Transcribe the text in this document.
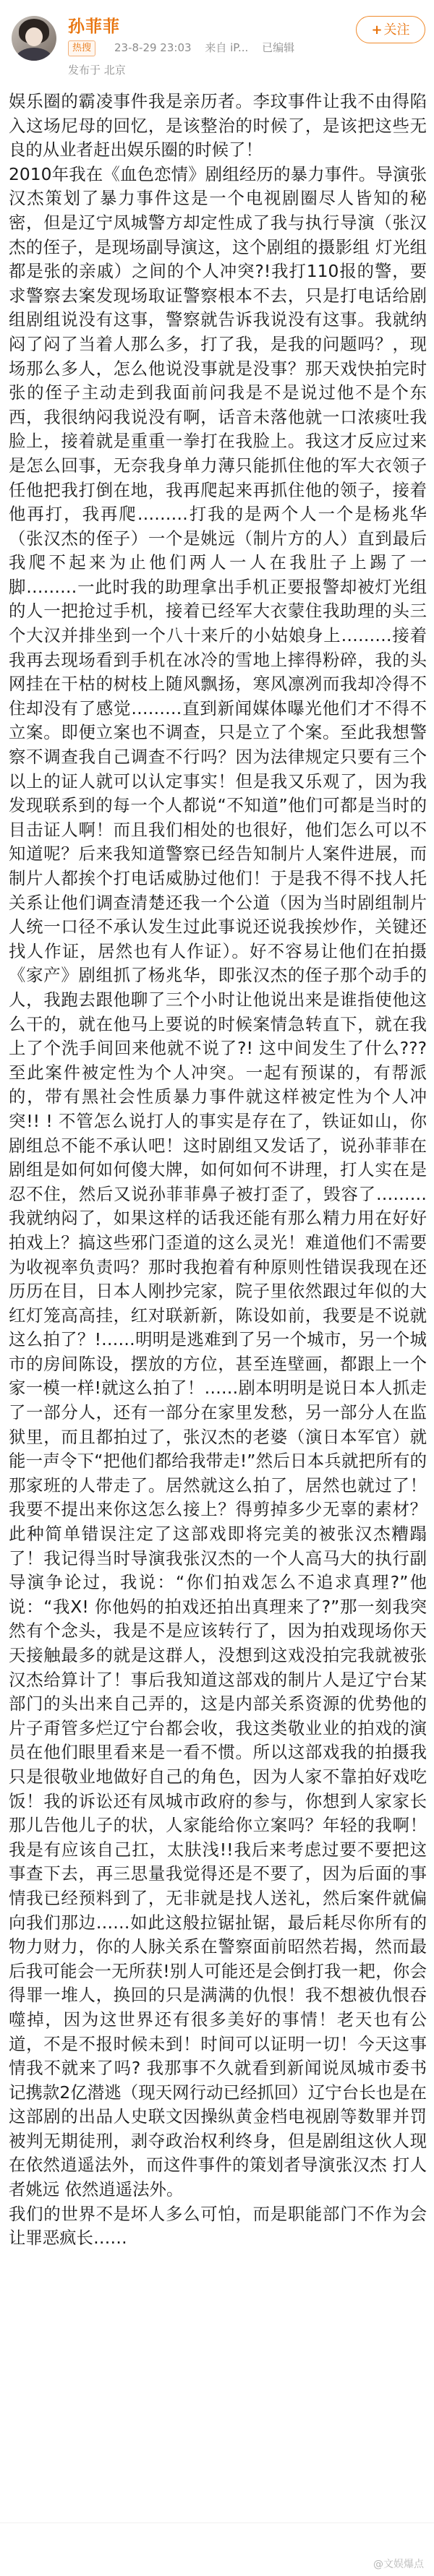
孙菲菲
热搜	23-8-29 23:03 来自 iP... 已编辑
发布于 北京
+ 关注

娱乐圈的霸凌事件我是亲历者。李玟事件让我不由得陷入这场尼母的回忆，是该整治的时候了，是该把这些无良的从业者赶出娱乐圈的时候了！

2010年我在《血色恋情》剧组经历的暴力事件。导演张汉杰策划了暴力事件这是一个电视剧圈尽人皆知的秘密，但是辽宁凤城警方却定性成了我与执行导演（张汉杰的侄子，是现场副导演这，这个剧组的摄影组 灯光组都是张的亲戚）之间的个人冲突?!我打110报的警，要求警察去案发现场取证警察根本不去，只是打电话给剧组剧组说没有这事，警察就告诉我说没有这事。我就纳闷了闷了当着人那么多，打了我，是我的问题吗？，现场那么多人，怎么他说没事就是没事？那天戏快拍完时张的侄子主动走到我面前问我是不是说过他不是个东西，我很纳闷我说没有啊，话音未落他就一口浓痰吐我脸上，接着就是重重一拳打在我脸上。我这才反应过来是怎么回事，无奈我身单力薄只能抓住他的军大衣领子任他把我打倒在地，我再爬起来再抓住他的领子，接着他再打，我再爬………打我的是两个人一个是杨兆华（张汉杰的侄子）一个是姚远（制片方的人）直到最后我爬不起来为止他们两人一人在我肚子上踢了一脚………一此时我的助理拿出手机正要报警却被灯光组的人一把抢过手机，接着已经军大衣蒙住我助理的头三个大汉并排坐到一个八十来斤的小姑娘身上………接着我再去现场看到手机在冰冷的雪地上摔得粉碎，我的头网挂在干枯的树枝上随风飘扬，寒风凛冽而我却冷得不住却没有了感觉………直到新闻媒体曝光他们才不得不立案。即便立案也不调查，只是立了个案。至此我想警察不调查我自己调查不行吗？因为法律规定只要有三个以上的证人就可以认定事实！但是我又乐观了，因为我发现联系到的每一个人都说“不知道”他们可都是当时的目击证人啊！而且我们相处的也很好，他们怎么可以不知道呢？后来我知道警察已经告知制片人案件进展，而制片人都挨个打电话威胁过他们！于是我不得不找人托关系让他们调查清楚还我一个公道（因为当时剧组制片人统一口径不承认发生过此事说还说我挨炒作，关键还找人作证，居然也有人作证）。好不容易让他们在拍摄《家产》剧组抓了杨兆华，即张汉杰的侄子那个动手的人，我跑去跟他聊了三个小时让他说出来是谁指使他这么干的，就在他马上要说的时候案情急转直下，就在我上了个洗手间回来他就不说了?! 这中间发生了什么???至此案件被定性为个人冲突。一起有预谋的，有帮派的，带有黑社会性质暴力事件就这样被定性为个人冲突!! ! 不管怎么说打人的事实是存在了，铁证如山，你剧组总不能不承认吧！这时剧组又发话了，说孙菲菲在剧组是如何如何傻大牌，如何如何不讲理，打人实在是忍不住，然后又说孙菲菲鼻子被打歪了，毁容了………我就纳闷了，如果这样的话我还能有那么精力用在好好拍戏上？搞这些邪门歪道的这么灵光！难道他们不需要为收视率负责吗？那时我抱着有种原则性错误我现在还历历在目，日本人刚抄完家，院子里依然跟过年似的大红灯笼高高挂，红对联新新，陈设如前，我要是不说就这么拍了？!……明明是逃难到了另一个城市，另一个城市的房间陈设，摆放的方位，甚至连壁画，都跟上一个家一模一样!就这么拍了！……剧本明明是说日本人抓走了一部分人，还有一部分在家里发愁，另一部分人在监狱里，而且都拍过了，张汉杰的老婆（演日本军官）就能一声令下“把他们都给我带走!”然后日本兵就把所有的那家班的人带走了。居然就这么拍了，居然也就过了！我要不提出来你这怎么接上？得剪掉多少无辜的素材？此种简单错误注定了这部戏即将完美的被张汉杰糟蹋了！我记得当时导演我张汉杰的一个人高马大的执行副导演争论过，我说：“你们拍戏怎么不追求真理?”他说：“我X! 你他妈的拍戏还拍出真理来了?”那一刻我突然有个念头，我是不是应该转行了，因为拍戏现场你天天接触最多的就是这群人，没想到这戏没拍完我就被张汉杰给算计了！事后我知道这部戏的制片人是辽宁台某部门的头出来自己弄的，这是内部关系资源的优势他的片子甭管多烂辽宁台都会收，我这类敬业业的拍戏的演员在他们眼里看来是一看不惯。所以这部戏我的拍摄我只是很敬业地做好自己的角色，因为人家不靠拍好戏吃饭！我的诉讼还有凤城市政府的参与，你想到人家家长那儿告他儿子的状，人家能给你立案吗？年轻的我啊！我是有应该自己扛，太肤浅!!我后来考虑过要不要把这事查下去，再三思量我觉得还是不要了，因为后面的事情我已经预料到了，无非就是找人送礼，然后案件就偏向我们那边……如此这般拉锯扯锯，最后耗尽你所有的物力财力，你的人脉关系在警察面前昭然若揭，然而最后我可能会一无所获!别人可能还是会倒打我一耙，你会得罪一堆人，换回的只是满满的仇恨！我不想被仇恨吞噬掉，因为这世界还有很多美好的事情！老天也有公道，不是不报时候未到！时间可以证明一切！今天这事情我不就来了吗? 我那事不久就看到新闻说凤城市委书记携款2亿潜逃（现天网行动已经抓回）辽宁台长也是在这部剧的出品人史联文因操纵黄金档电视剧等数罪并罚被判无期徒刑，剥夺政治权利终身，但是剧组这伙人现在依然逍遥法外，而这件事件的策划者导演张汉杰 打人者姚远 依然逍遥法外。

我们的世界不是坏人多么可怕，而是职能部门不作为会让罪恶疯长……

@文娱爆点
